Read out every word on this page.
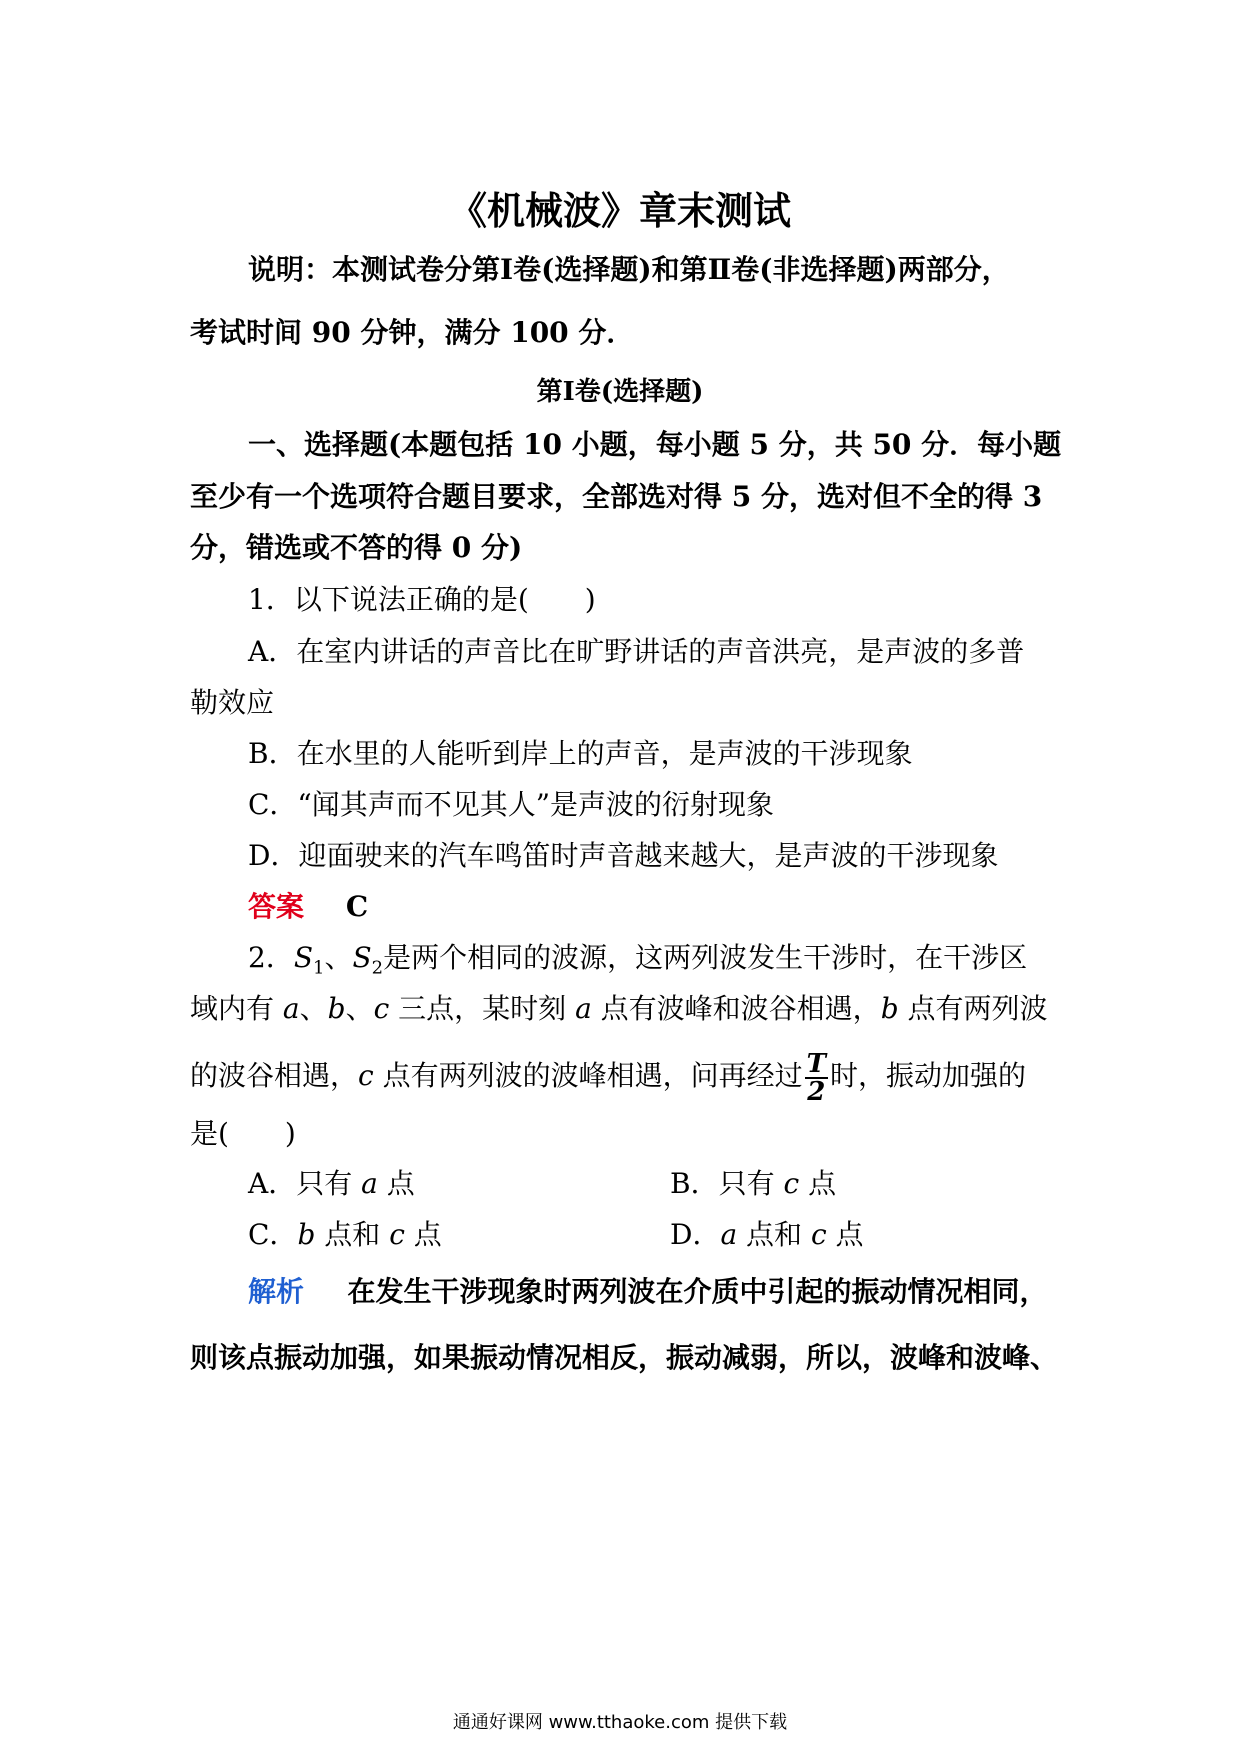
《机械波》章末测试
说明：本测试卷分第Ⅰ卷(选择题)和第Ⅱ卷(非选择题)两部分，
考试时间 90 分钟，满分 100 分．
第Ⅰ卷(选择题)
一、选择题(本题包括 10 小题，每小题 5 分，共 50 分．每小题
至少有一个选项符合题目要求，全部选对得 5 分，选对但不全的得 3
分，错选或不答的得 0 分)
1．以下说法正确的是(　　)
A．在室内讲话的声音比在旷野讲话的声音洪亮，是声波的多普
勒效应
B．在水里的人能听到岸上的声音，是声波的干涉现象
C．“闻其声而不见其人”是声波的衍射现象
D．迎面驶来的汽车鸣笛时声音越来越大，是声波的干涉现象
答案 C
2．$S_1$、$S_2$是两个相同的波源，这两列波发生干涉时，在干涉区
域内有 a、b、c 三点，某时刻 a 点有波峰和波谷相遇，b 点有两列波
的波谷相遇，c 点有两列波的波峰相遇，问再经过 $\frac{T}{2}$ 时，振动加强的
是(　　)
A．只有 a 点	B．只有 c 点
C．b 点和 c 点	D．a 点和 c 点
解析 在发生干涉现象时两列波在介质中引起的振动情况相同，
则该点振动加强，如果振动情况相反，振动减弱，所以，波峰和波峰、
通通好课网 www.tthaoke.com 提供下载
